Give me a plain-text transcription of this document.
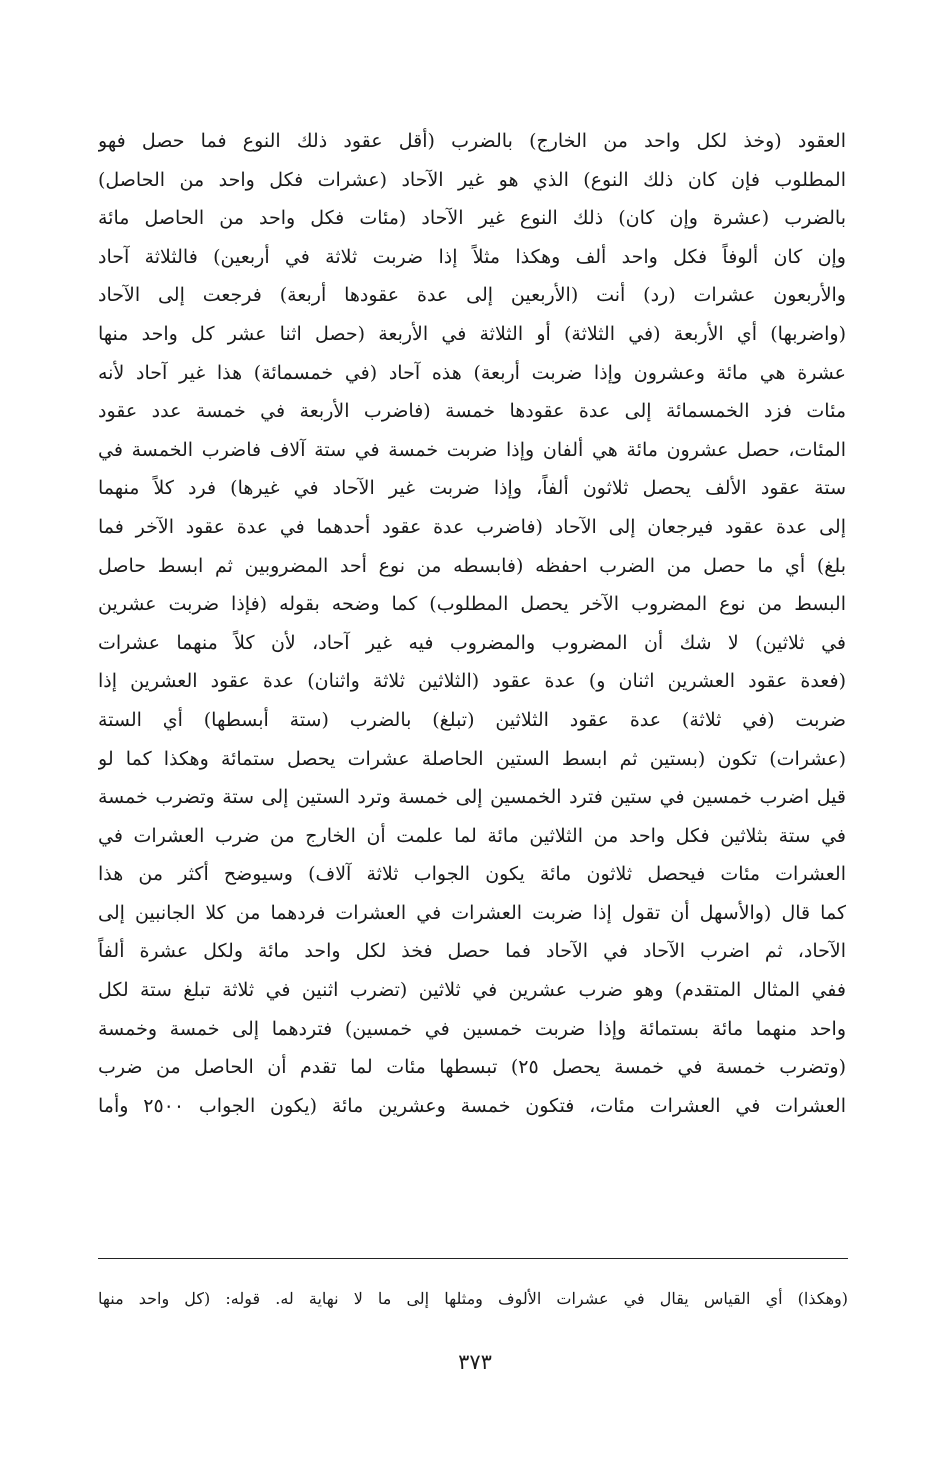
العقود (وخذ لكل واحد من الخارج) بالضرب (أقل عقود ذلك النوع فما حصل فهو
المطلوب فإن كان ذلك النوع) الذي هو غير الآحاد (عشرات فكل واحد من الحاصل)
بالضرب (عشرة وإن كان) ذلك النوع غير الآحاد (مئات فكل واحد من الحاصل مائة
وإن كان ألوفاً فكل واحد ألف وهكذا مثلاً إذا ضربت ثلاثة في أربعين) فالثلاثة آحاد
والأربعون عشرات (رد) أنت (الأربعين إلى عدة عقودها أربعة) فرجعت إلى الآحاد
(واضربها) أي الأربعة (في الثلاثة) أو الثلاثة في الأربعة (حصل اثنا عشر كل واحد منها
عشرة هي مائة وعشرون وإذا ضربت أربعة) هذه آحاد (في خمسمائة) هذا غير آحاد لأنه
مئات فزد الخمسمائة إلى عدة عقودها خمسة (فاضرب الأربعة في خمسة عدد عقود
المئات، حصل عشرون مائة هي ألفان وإذا ضربت خمسة في ستة آلاف فاضرب الخمسة في
ستة عقود الألف يحصل ثلاثون ألفاً، وإذا ضربت غير الآحاد في غيرها) فرد كلاً منهما
إلى عدة عقود فيرجعان إلى الآحاد (فاضرب عدة عقود أحدهما في عدة عقود الآخر فما
بلغ) أي ما حصل من الضرب احفظه (فابسطه من نوع أحد المضروبين ثم ابسط حاصل
البسط من نوع المضروب الآخر يحصل المطلوب) كما وضحه بقوله (فإذا ضربت عشرين
في ثلاثين) لا شك أن المضروب والمضروب فيه غير آحاد، لأن كلاً منهما عشرات
(فعدة عقود العشرين اثنان و) عدة عقود (الثلاثين ثلاثة واثنان) عدة عقود العشرين إذا
ضربت (في ثلاثة) عدة عقود الثلاثين (تبلغ) بالضرب (ستة أبسطها) أي الستة
(عشرات) تكون (بستين ثم ابسط الستين الحاصلة عشرات يحصل ستمائة وهكذا كما لو
قيل اضرب خمسين في ستين فترد الخمسين إلى خمسة وترد الستين إلى ستة وتضرب خمسة
في ستة بثلاثين فكل واحد من الثلاثين مائة لما علمت أن الخارج من ضرب العشرات في
العشرات مئات فيحصل ثلاثون مائة يكون الجواب ثلاثة آلاف) وسيوضح أكثر من هذا
كما قال (والأسهل أن تقول إذا ضربت العشرات في العشرات فردهما من كلا الجانبين إلى
الآحاد، ثم اضرب الآحاد في الآحاد فما حصل فخذ لكل واحد مائة ولكل عشرة ألفاً
ففي المثال المتقدم) وهو ضرب عشرين في ثلاثين (تضرب اثنين في ثلاثة تبلغ ستة لكل
واحد منهما مائة بستمائة وإذا ضربت خمسين في خمسين) فتردهما إلى خمسة وخمسة
(وتضرب خمسة في خمسة يحصل ٢٥) تبسطها مئات لما تقدم أن الحاصل من ضرب
العشرات في العشرات مئات، فتكون خمسة وعشرين مائة (يكون الجواب ٢٥٠٠ وأما
(وهكذا) أي القياس يقال في عشرات الألوف ومثلها إلى ما لا نهاية له. قوله: (كل واحد منها
٣٧٣
